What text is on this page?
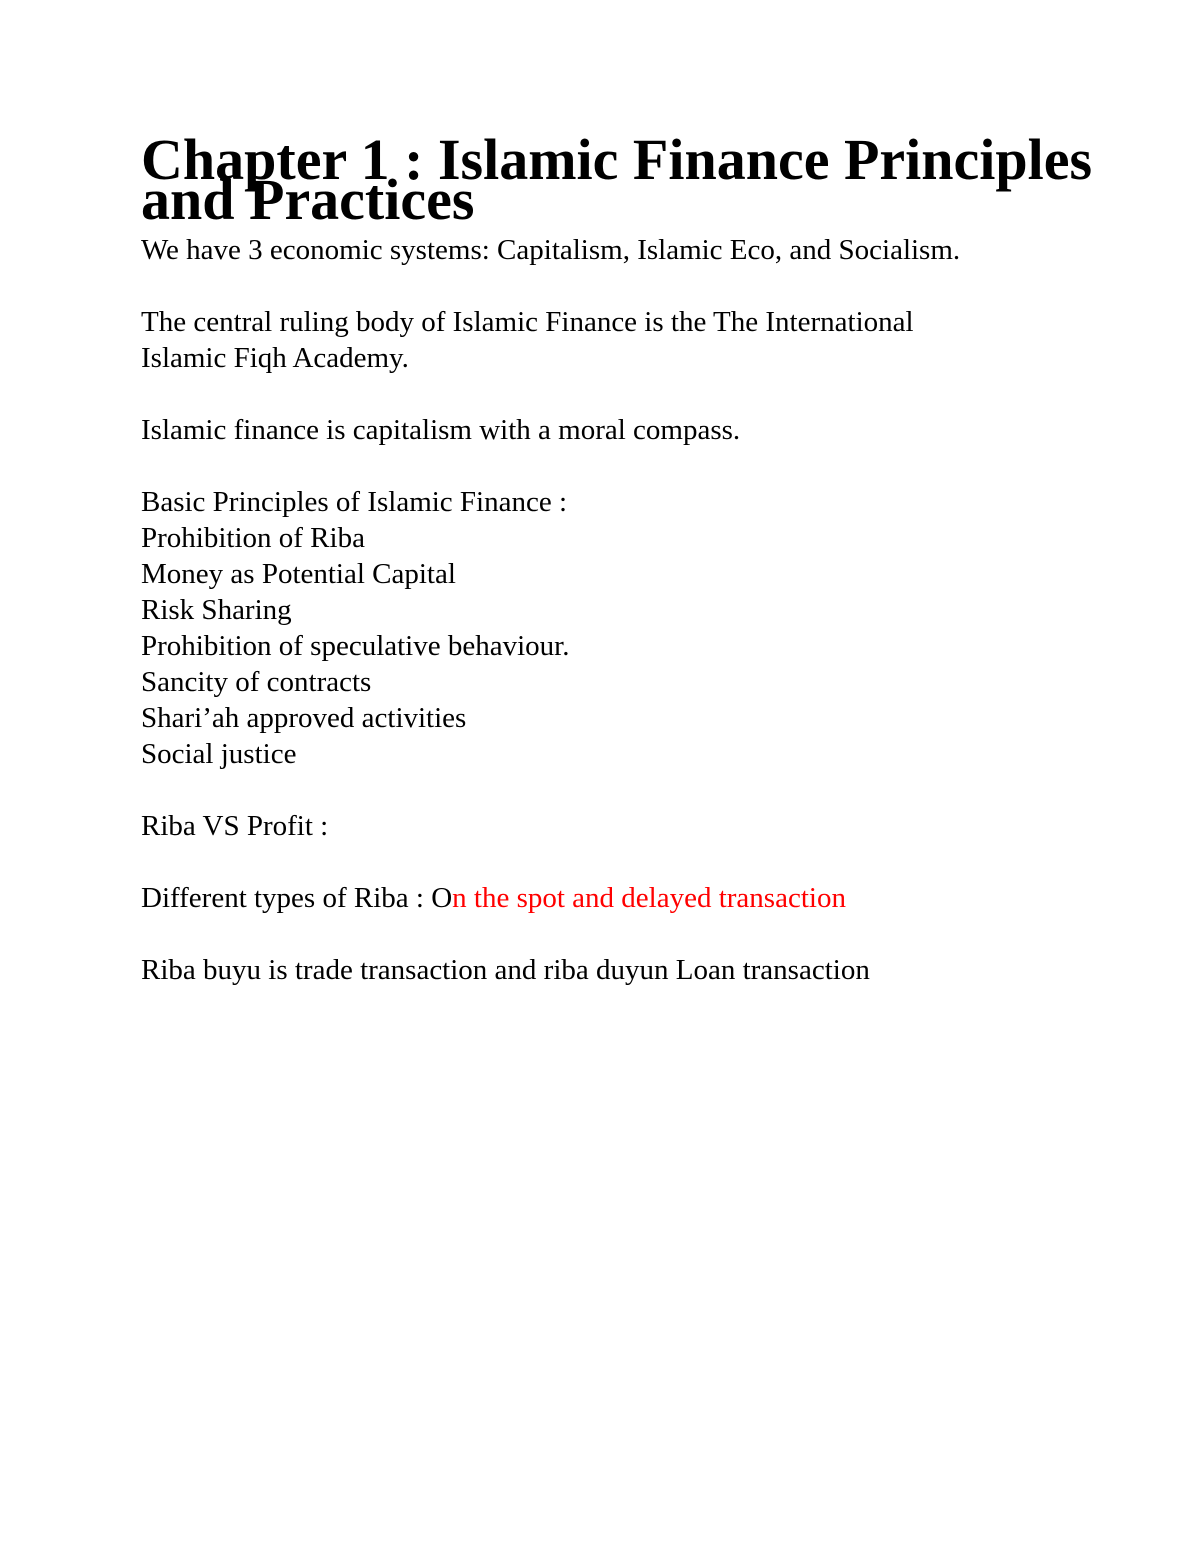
Chapter 1 : Islamic Finance Principles and Practices

We have 3 economic systems: Capitalism, Islamic Eco, and Socialism.

The central ruling body of Islamic Finance is the The International

Islamic Fiqh Academy.

Islamic finance is capitalism with a moral compass.

Basic Principles of Islamic Finance :

Prohibition of Riba
Money as Potential Capital
Risk Sharing
Prohibition of speculative behaviour.
Sancity of contracts
Shari’ah approved activities
Social justice

Riba VS Profit :

Different types of Riba : On the spot and delayed transaction

Riba buyu is trade transaction and riba duyun Loan transaction
